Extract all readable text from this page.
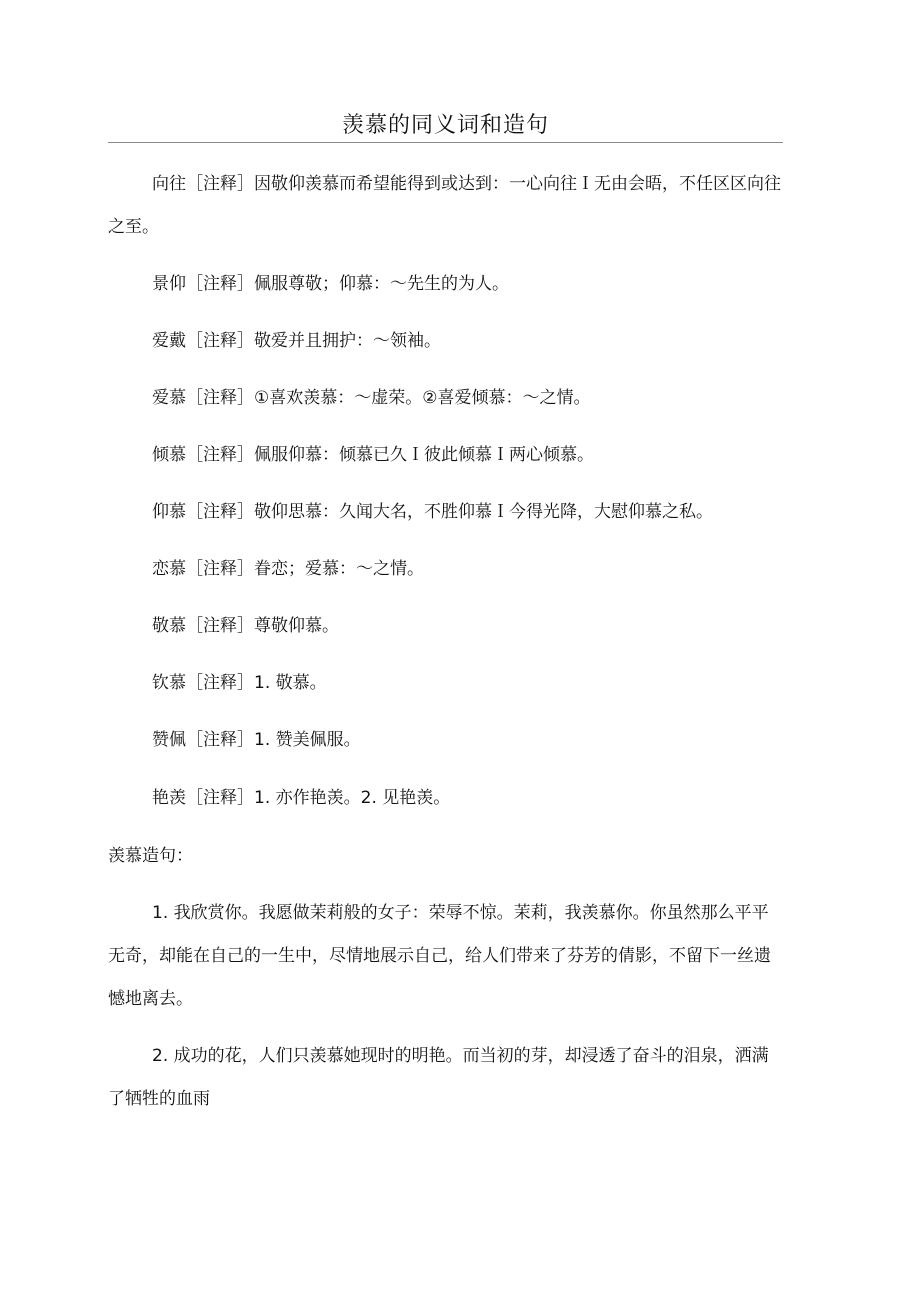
羡慕的同义词和造句

向往［注释］因敬仰羡慕而希望能得到或达到：一心向往Ｉ无由会晤，不任区区向往之至。

景仰［注释］佩服尊敬；仰慕：～先生的为人。

爱戴［注释］敬爱并且拥护：～领袖。

爱慕［注释］①喜欢羡慕：～虚荣。②喜爱倾慕：～之情。

倾慕［注释］佩服仰慕：倾慕已久Ｉ彼此倾慕Ｉ两心倾慕。

仰慕［注释］敬仰思慕：久闻大名，不胜仰慕Ｉ今得光降，大慰仰慕之私。

恋慕［注释］眷恋；爱慕：～之情。

敬慕［注释］尊敬仰慕。

钦慕［注释］1. 敬慕。

赞佩［注释］1. 赞美佩服。

艳羡［注释］1. 亦作艳羡。2. 见艳羡。

羡慕造句：

1. 我欣赏你。我愿做茉莉般的女子：荣辱不惊。茉莉，我羡慕你。你虽然那么平平无奇，却能在自己的一生中，尽情地展示自己，给人们带来了芬芳的倩影，不留下一丝遗憾地离去。

2. 成功的花，人们只羡慕她现时的明艳。而当初的芽，却浸透了奋斗的泪泉，洒满了牺牲的血雨
